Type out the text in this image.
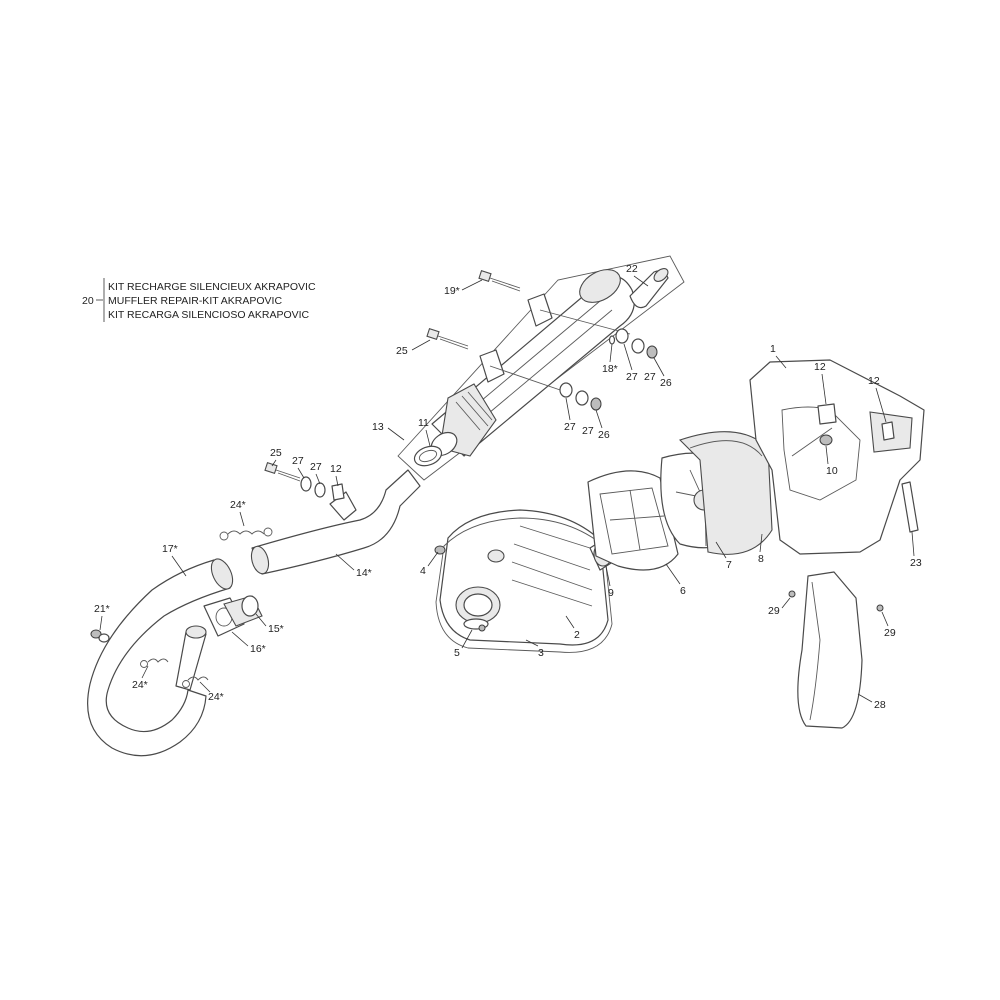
20
KIT RECHARGE SILENCIEUX AKRAPOVIC
MUFFLER REPAIR-KIT AKRAPOVIC
KIT RECARGA SILENCIOSO AKRAPOVIC
22
19*
25
18*
27 26
27
27 27 26
13	11
1
12
12
10
25
27 27 12
24*
17*
14*	4
9	6
7 8	23
21*
15*
16*
24*
24*
2
5	3
29
29
28
